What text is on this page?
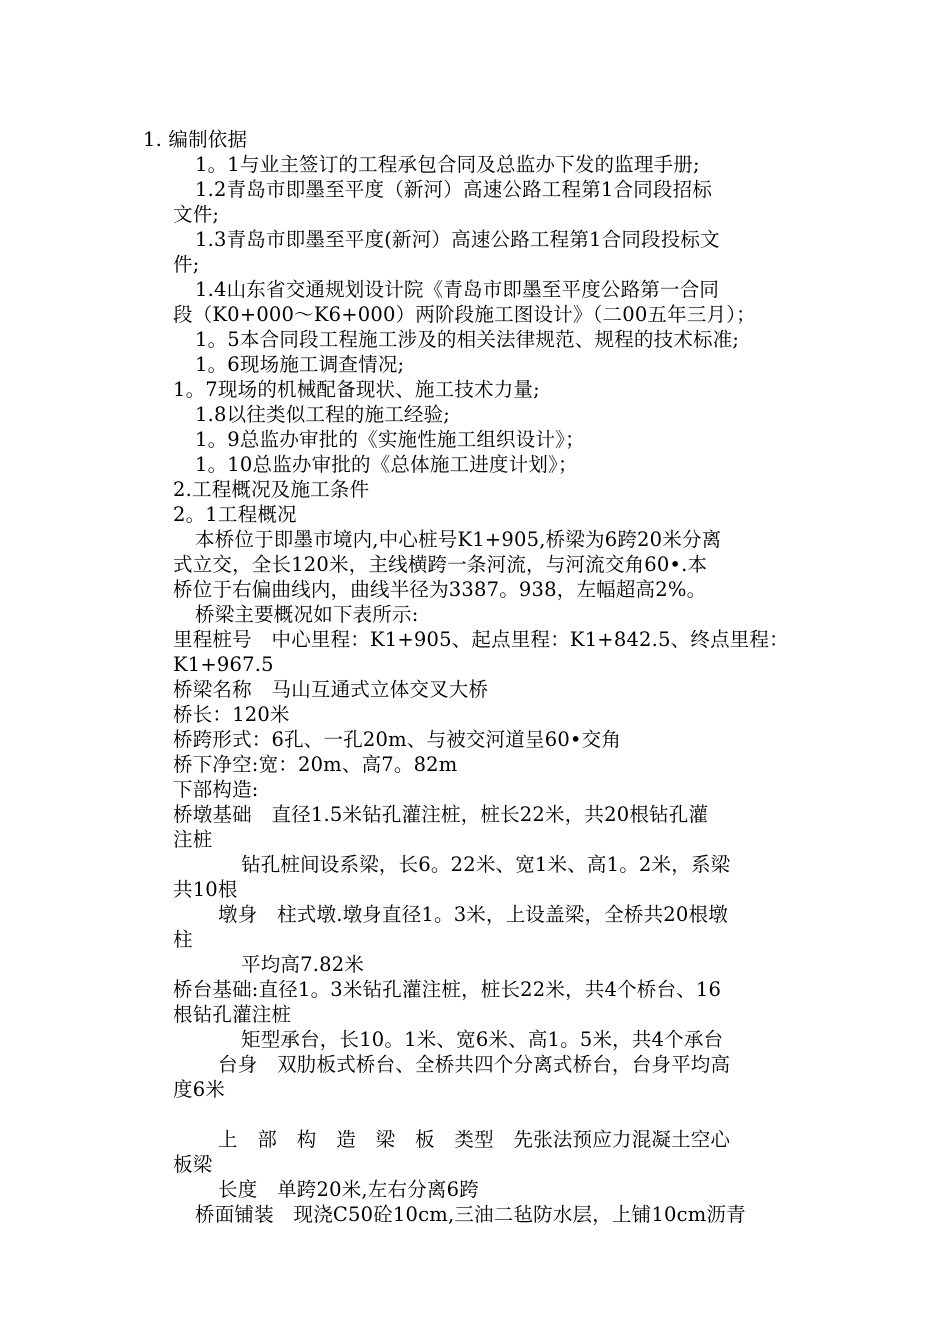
1. 编制依据
1。1与业主签订的工程承包合同及总监办下发的监理手册;
1.2青岛市即墨至平度（新河）高速公路工程第1合同段招标
文件;
1.3青岛市即墨至平度(新河）高速公路工程第1合同段投标文
件;
1.4山东省交通规划设计院《青岛市即墨至平度公路第一合同
段（K0+000～K6+000）两阶段施工图设计》（二00五年三月）；
1。5本合同段工程施工涉及的相关法律规范、规程的技术标准;
1。6现场施工调查情况;
1。7现场的机械配备现状、施工技术力量;
1.8以往类似工程的施工经验;
1。9总监办审批的《实施性施工组织设计》；
1。10总监办审批的《总体施工进度计划》；
2.工程概况及施工条件
2。1工程概况
本桥位于即墨市境内,中心桩号K1+905,桥梁为6跨20米分离
式立交，全长120米，主线横跨一条河流，与河流交角60•.本
桥位于右偏曲线内，曲线半径为3387。938，左幅超高2%。
桥梁主要概况如下表所示:
里程桩号　中心里程：K1+905、起点里程：K1+842.5、终点里程：
K1+967.5
桥梁名称　马山互通式立体交叉大桥
桥长：120米
桥跨形式：6孔、一孔20m、与被交河道呈60•交角
桥下净空:宽：20m、高7。82m
下部构造:
桥墩基础　直径1.5米钻孔灌注桩，桩长22米，共20根钻孔灌
注桩
钻孔桩间设系梁，长6。22米、宽1米、高1。2米，系梁
共10根
墩身　柱式墩.墩身直径1。3米，上设盖梁，全桥共20根墩
柱
平均高7.82米
桥台基础:直径1。3米钻孔灌注桩，桩长22米，共4个桥台、16
根钻孔灌注桩
矩型承台，长10。1米、宽6米、高1。5米，共4个承台
台身　双肋板式桥台、全桥共四个分离式桥台，台身平均高
度6米
上　部　构　造　梁　板　类型　先张法预应力混凝土空心
板梁
长度　单跨20米,左右分离6跨
桥面铺装　现浇C50砼10cm,三油二毡防水层，上铺10cm沥青
